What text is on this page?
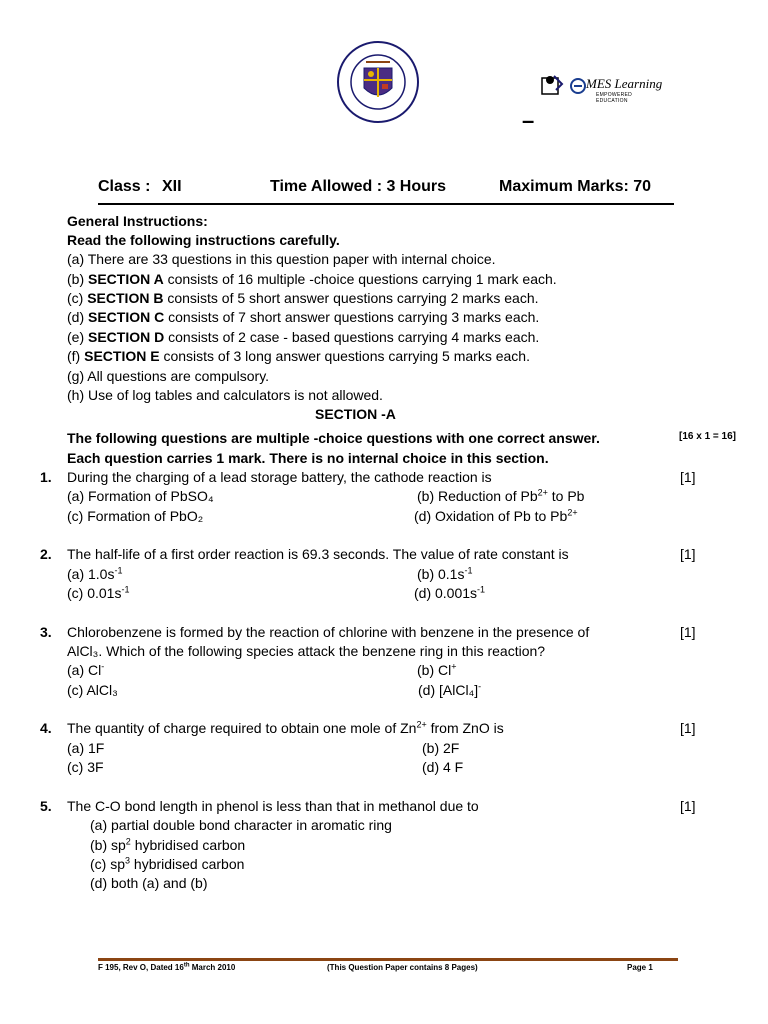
MES Learning
EMPOWERED EDUCATION
–
Class : XII	Time Allowed : 3 Hours	Maximum Marks: 70
General Instructions:
Read the following instructions carefully.
(a) There are 33 questions in this question paper with internal choice.
(b) SECTION A consists of 16 multiple -choice questions carrying 1 mark each.
(c) SECTION B consists of 5 short answer questions carrying 2 marks each.
(d) SECTION C consists of 7 short answer questions carrying 3 marks each.
(e) SECTION D consists of 2 case - based questions carrying 4 marks each.
(f) SECTION E consists of 3 long answer questions carrying 5 marks each.
(g) All questions are compulsory.
(h) Use of log tables and calculators is not allowed.
SECTION -A
The following questions are multiple -choice questions with one correct answer.	[16 x 1 = 16]
Each question carries 1 mark. There is no internal choice in this section.
1. During the charging of a lead storage battery, the cathode reaction is	[1]
(a) Formation of PbSO₄	(b) Reduction of $Pb^{2+}$ to Pb
(c) Formation of PbO₂	(d) Oxidation of Pb to $Pb^{2+}$
2. The half-life of a first order reaction is 69.3 seconds. The value of rate constant is	[1]
(a) $1.0s^{-1}$	(b) $0.1s^{-1}$
(c) $0.01s^{-1}$	(d) $0.001s^{-1}$
3. Chlorobenzene is formed by the reaction of chlorine with benzene in the presence of	[1]
AlCl₃. Which of the following species attack the benzene ring in this reaction?
(a) Cl-	(b) Cl+
(c) AlCl₃	(d) [AlCl₄]-
4. The quantity of charge required to obtain one mole of $Zn^{2+}$ from ZnO is	[1]
(a) 1F	(b) 2F
(c) 3F	(d) 4 F
5. The C-O bond length in phenol is less than that in methanol due to	[1]
(a) partial double bond character in aromatic ring
(b) $sp^2$ hybridised carbon
(c) $sp^3$ hybridised carbon
(d) both (a) and (b)
F 195, Rev O, Dated 16th March 2010	(This Question Paper contains 8 Pages)	Page 1
